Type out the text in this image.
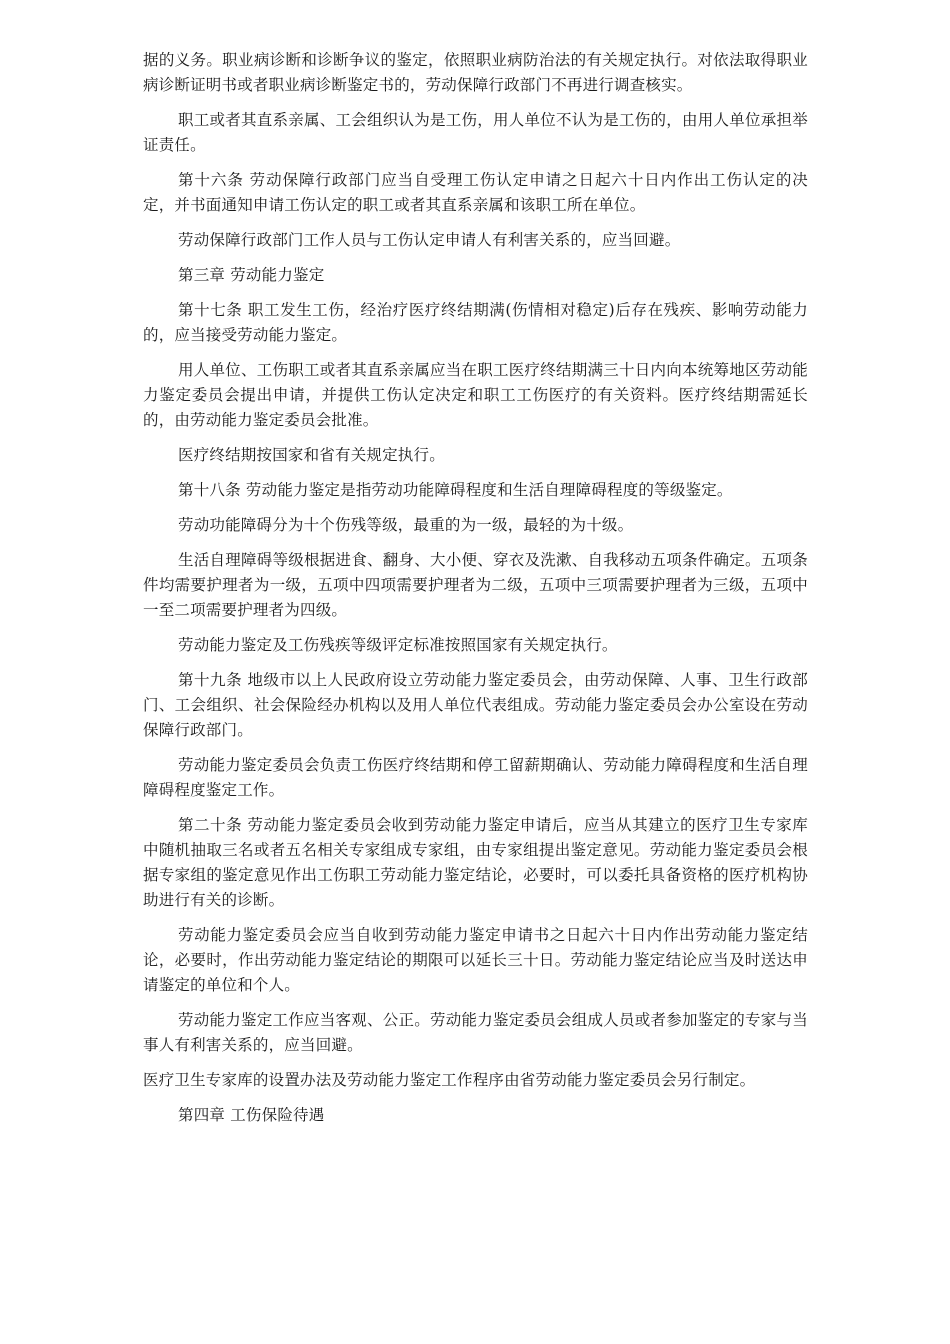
据的义务。职业病诊断和诊断争议的鉴定，依照职业病防治法的有关规定执行。对依法取得职业病诊断证明书或者职业病诊断鉴定书的，劳动保障行政部门不再进行调查核实。

职工或者其直系亲属、工会组织认为是工伤，用人单位不认为是工伤的，由用人单位承担举证责任。

第十六条 劳动保障行政部门应当自受理工伤认定申请之日起六十日内作出工伤认定的决定，并书面通知申请工伤认定的职工或者其直系亲属和该职工所在单位。

劳动保障行政部门工作人员与工伤认定申请人有利害关系的，应当回避。

第三章 劳动能力鉴定

第十七条 职工发生工伤，经治疗医疗终结期满(伤情相对稳定)后存在残疾、影响劳动能力的，应当接受劳动能力鉴定。

用人单位、工伤职工或者其直系亲属应当在职工医疗终结期满三十日内向本统筹地区劳动能力鉴定委员会提出申请，并提供工伤认定决定和职工工伤医疗的有关资料。医疗终结期需延长的，由劳动能力鉴定委员会批准。

医疗终结期按国家和省有关规定执行。

第十八条 劳动能力鉴定是指劳动功能障碍程度和生活自理障碍程度的等级鉴定。

劳动功能障碍分为十个伤残等级，最重的为一级，最轻的为十级。

生活自理障碍等级根据进食、翻身、大小便、穿衣及洗漱、自我移动五项条件确定。五项条件均需要护理者为一级，五项中四项需要护理者为二级，五项中三项需要护理者为三级，五项中一至二项需要护理者为四级。

劳动能力鉴定及工伤残疾等级评定标准按照国家有关规定执行。

第十九条 地级市以上人民政府设立劳动能力鉴定委员会，由劳动保障、人事、卫生行政部门、工会组织、社会保险经办机构以及用人单位代表组成。劳动能力鉴定委员会办公室设在劳动保障行政部门。

劳动能力鉴定委员会负责工伤医疗终结期和停工留薪期确认、劳动能力障碍程度和生活自理障碍程度鉴定工作。

第二十条 劳动能力鉴定委员会收到劳动能力鉴定申请后，应当从其建立的医疗卫生专家库中随机抽取三名或者五名相关专家组成专家组，由专家组提出鉴定意见。劳动能力鉴定委员会根据专家组的鉴定意见作出工伤职工劳动能力鉴定结论，必要时，可以委托具备资格的医疗机构协助进行有关的诊断。

劳动能力鉴定委员会应当自收到劳动能力鉴定申请书之日起六十日内作出劳动能力鉴定结论，必要时，作出劳动能力鉴定结论的期限可以延长三十日。劳动能力鉴定结论应当及时送达申请鉴定的单位和个人。

劳动能力鉴定工作应当客观、公正。劳动能力鉴定委员会组成人员或者参加鉴定的专家与当事人有利害关系的，应当回避。

医疗卫生专家库的设置办法及劳动能力鉴定工作程序由省劳动能力鉴定委员会另行制定。

第四章 工伤保险待遇
